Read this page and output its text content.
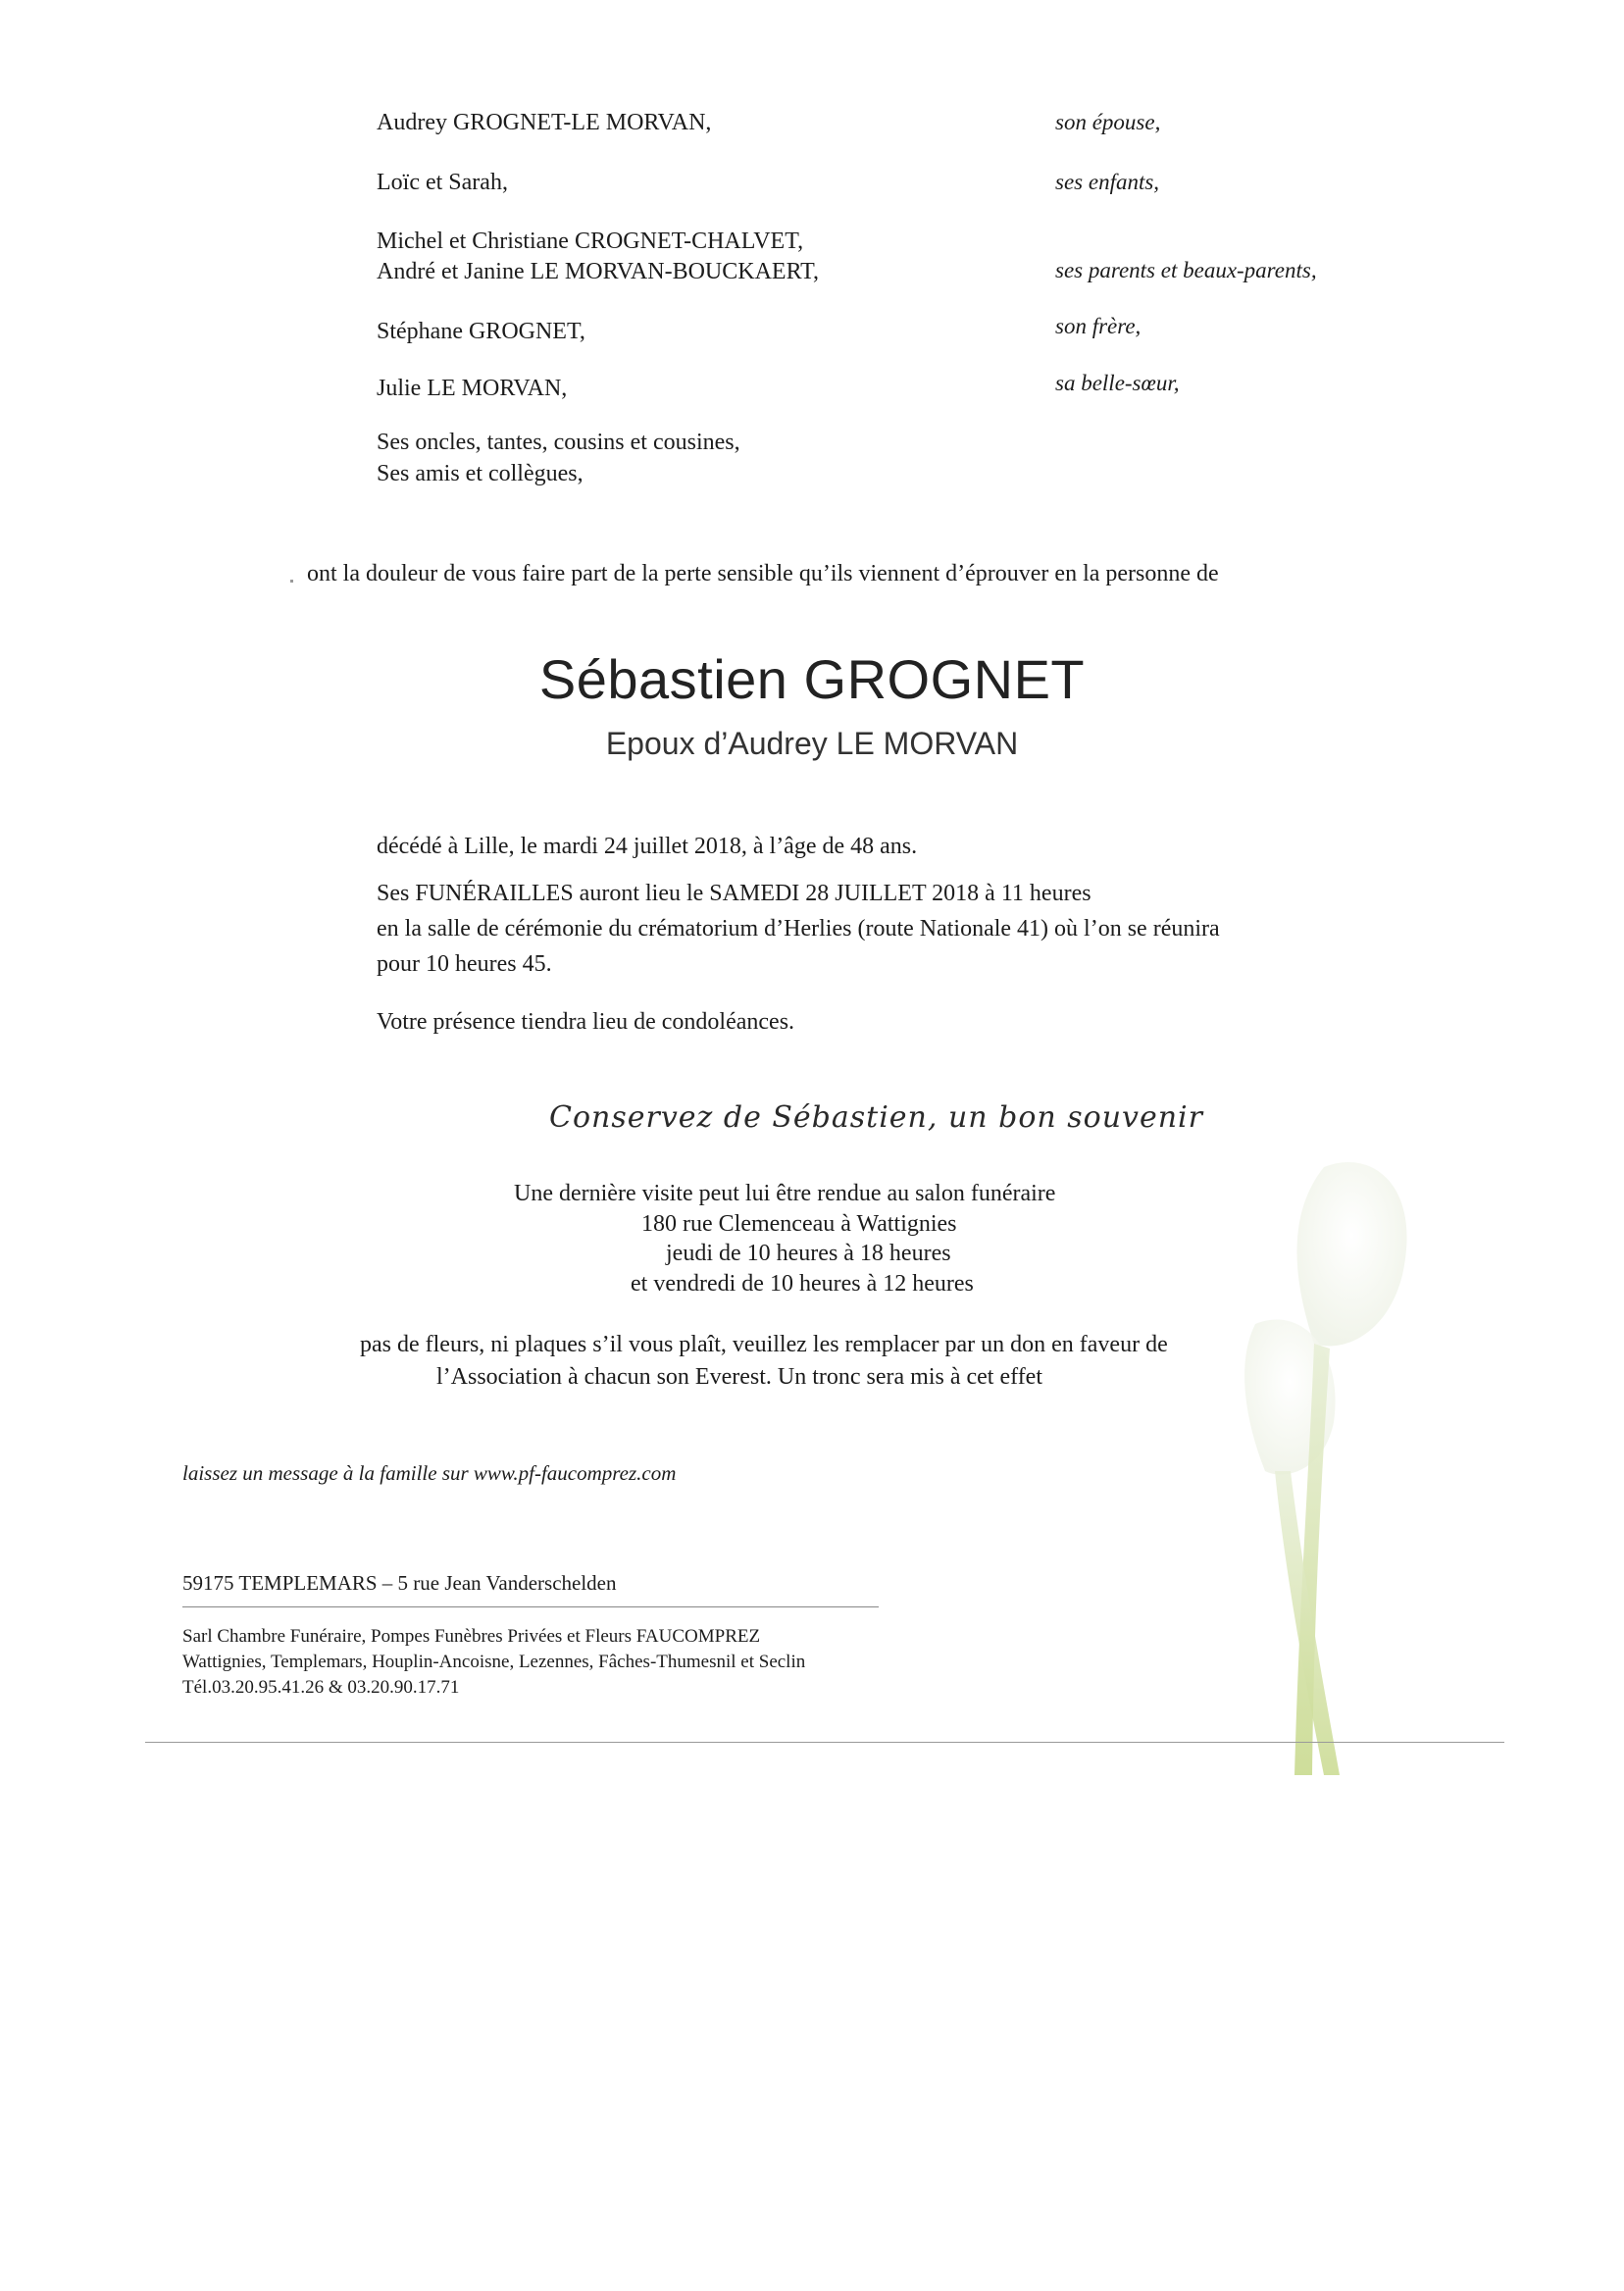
Audrey GROGNET-LE MORVAN,	son épouse,
Loïc et Sarah,	ses enfants,
Michel et Christiane CROGNET-CHALVET,
André et Janine LE MORVAN-BOUCKAERT,	ses parents et beaux-parents,
Stéphane GROGNET,	son frère,
Julie LE MORVAN,	sa belle-sœur,
Ses oncles, tantes, cousins et cousines,
Ses amis et collègues,
ont la douleur de vous faire part de la perte sensible qu’ils viennent d’éprouver en la personne de
Sébastien GROGNET
Epoux d’Audrey LE MORVAN
décédé à Lille, le mardi 24 juillet 2018, à l’âge de 48 ans.
Ses FUNÉRAILLES auront lieu le SAMEDI 28 JUILLET 2018 à 11 heures
en la salle de cérémonie du crématorium d’Herlies (route Nationale 41) où l’on se réunira
pour 10 heures 45.
Votre présence tiendra lieu de condoléances.
Conservez de Sébastien, un bon souvenir
Une dernière visite peut lui être rendue au salon funéraire
180 rue Clemenceau à Wattignies
jeudi de 10 heures à 18 heures
et vendredi de 10 heures à 12 heures
pas de fleurs, ni plaques s’il vous plaît, veuillez les remplacer par un don en faveur de
l’Association à chacun son Everest. Un tronc sera mis à cet effet
laissez un message à la famille sur www.pf-faucomprez.com
59175 TEMPLEMARS – 5 rue Jean Vanderschelden
Sarl Chambre Funéraire, Pompes Funèbres Privées et Fleurs FAUCOMPREZ
Wattignies, Templemars, Houplin-Ancoisne, Lezennes, Fâches-Thumesnil et Seclin
Tél.03.20.95.41.26 & 03.20.90.17.71
